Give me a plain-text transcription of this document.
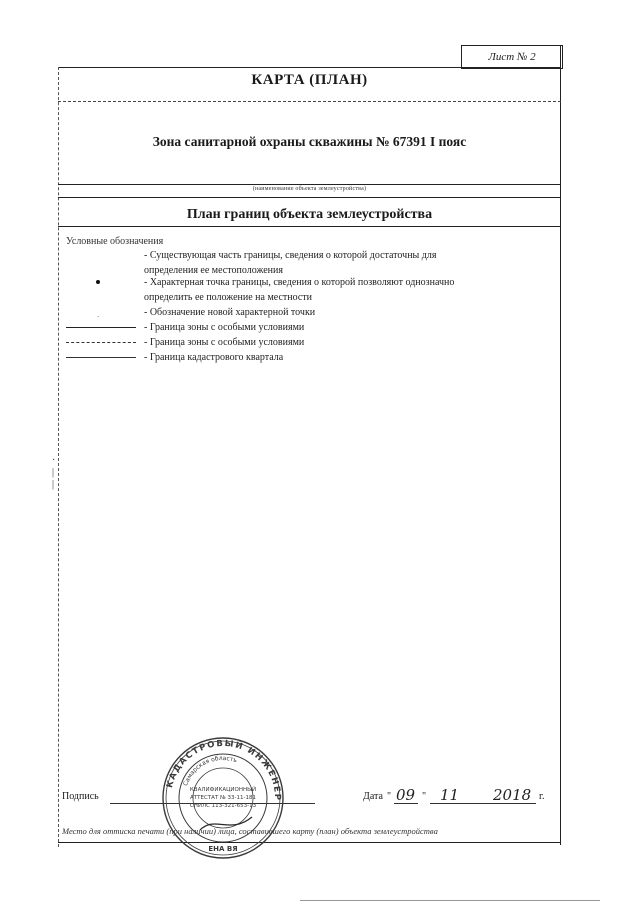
Лист № 2
КАРТА (ПЛАН)
Зона санитарной охраны скважины № 67391 I пояс
(наименование объекта землеустройства)
План границ объекта землеустройства
Условные обозначения
- Существующая часть границы, сведения о которой достаточны для
определения ее местоположения
- Характерная точка границы, сведения о которой позволяют однозначно
определить ее положение на местности
·	- Обозначение новой характерной точки
- Граница зоны с особыми условиями
- Граница зоны с особыми условиями
- Граница кадастрового квартала
·
|
|
Подпись	Дата " 09 " 11 2018 г.
Место для оттиска печати (при наличии) лица, составившего карту (план) объекта землеустройства
КАДАСТРОВЫЙ ИНЖЕНЕР
Самарская область
КВАЛИФИКАЦИОННЫЙ
АТТЕСТАТ № 33-11-181
СНИЛС 113-321-653-13
ЕНА ВЯ
